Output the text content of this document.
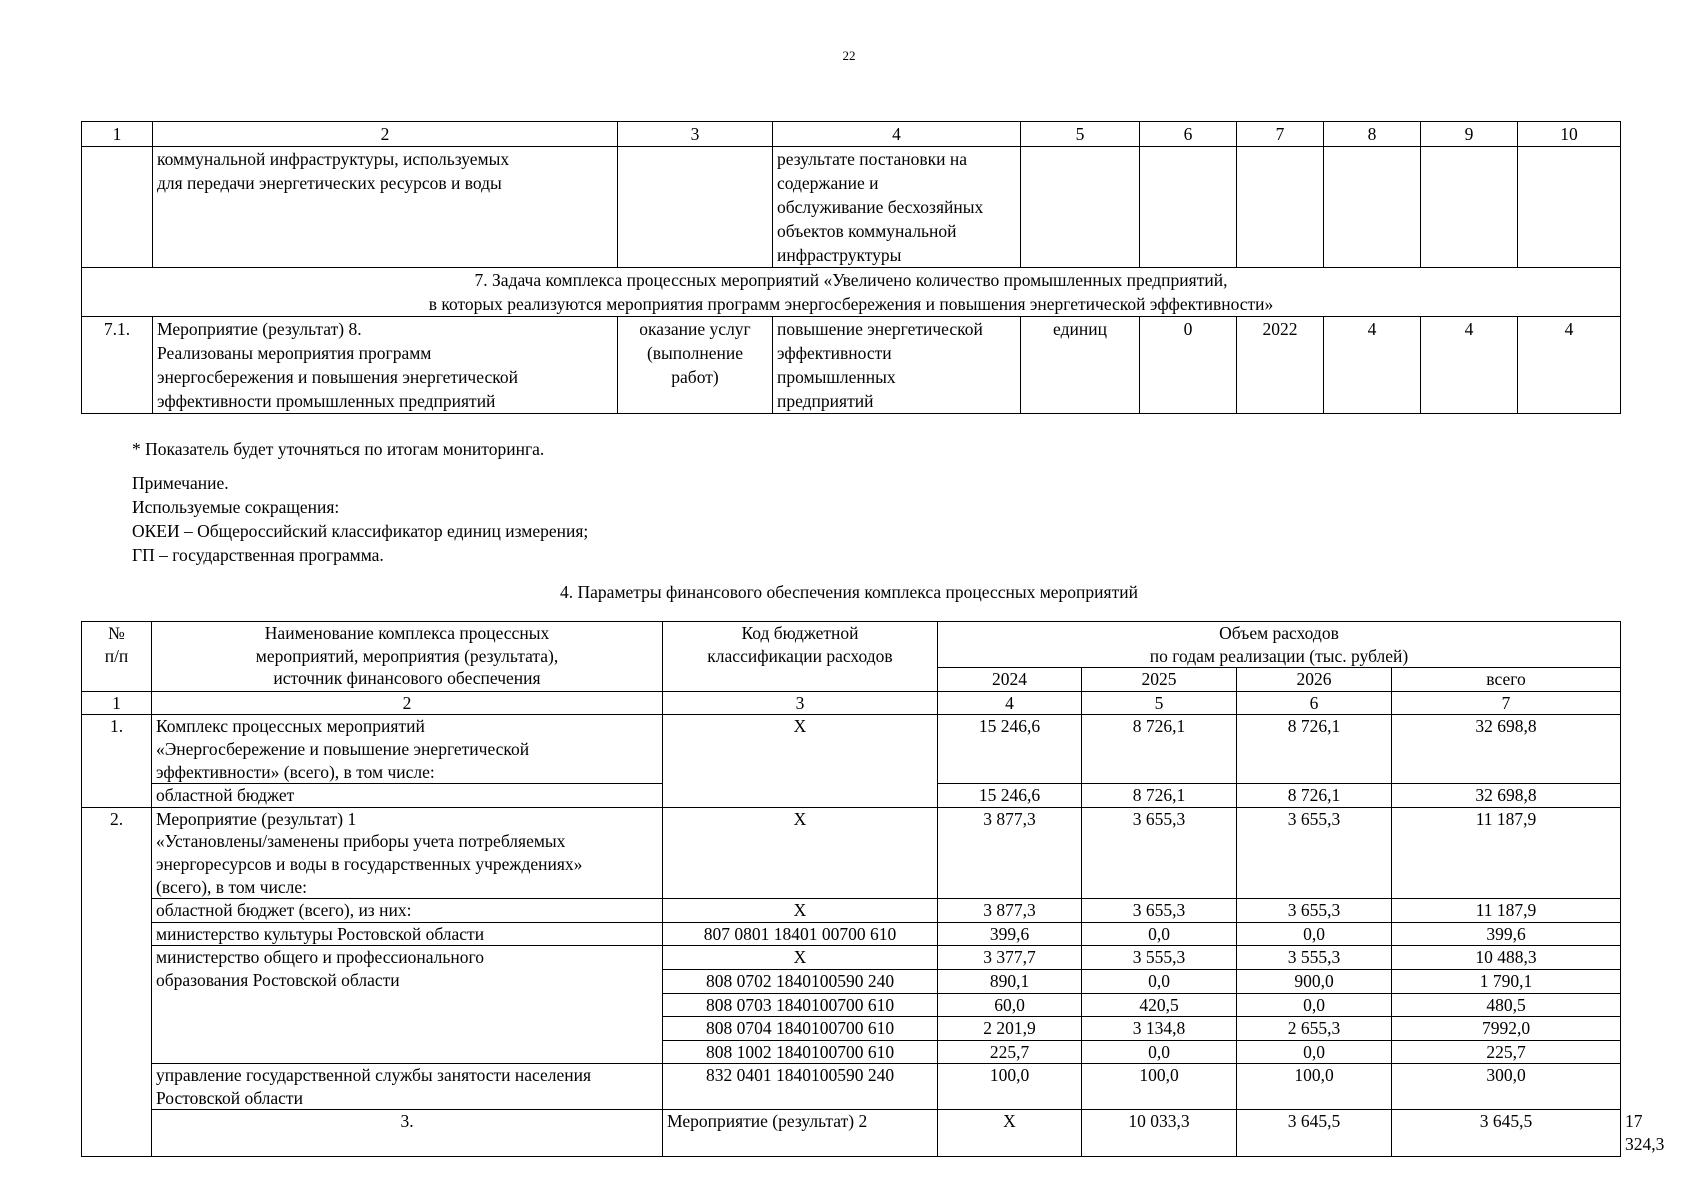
22
1	2	3	4	5	6	7	8	9	10
	коммунальной инфраструктуры, используемых
для передачи энергетических ресурсов и воды		результате постановки на
содержание и
обслуживание бесхозяйных
объектов коммунальной
инфраструктуры						
7. Задача комплекса процессных мероприятий «Увеличено количество промышленных предприятий,
в которых реализуются мероприятия программ энергосбережения и повышения энергетической эффективности»									
7.1.	Мероприятие (результат) 8.
Реализованы мероприятия программ
энергосбережения и повышения энергетической
эффективности промышленных предприятий	оказание услуг
(выполнение
работ)	повышение энергетической
эффективности
промышленных
предприятий	единиц	0	2022	4	4	4
* Показатель будет уточняться по итогам мониторинга.
Примечание.
Используемые сокращения:
ОКЕИ – Общероссийский классификатор единиц измерения;
ГП – государственная программа.
4. Параметры финансового обеспечения комплекса процессных мероприятий
№
п/п	Наименование комплекса процессных
мероприятий, мероприятия (результата),
источник финансового обеспечения	Код бюджетной
классификации расходов	Объем расходов
по годам реализации (тыс. рублей)				
			2024	2025	2026	всего	
1	2	3	4	5	6	7	
1.	Комплекс процессных мероприятий
«Энергосбережение и повышение энергетической
эффективности» (всего), в том числе:	Х	15 246,6	8 726,1	8 726,1	32 698,8	
	областной бюджет		15 246,6	8 726,1	8 726,1	32 698,8	
2.	Мероприятие (результат) 1
«Установлены/заменены приборы учета потребляемых
энергоресурсов и воды в государственных учреждениях»
(всего), в том числе:	Х	3 877,3	3 655,3	3 655,3	11 187,9	
	областной бюджет (всего), из них:	Х	3 877,3	3 655,3	3 655,3	11 187,9	
	министерство культуры Ростовской области	807 0801 18401 00700 610	399,6	0,0	0,0	399,6	
	министерство общего и профессионального
образования Ростовской области	Х	3 377,7	3 555,3	3 555,3	10 488,3	
		808 0702 1840100590 240	890,1	0,0	900,0	1 790,1	
		808 0703 1840100700 610	60,0	420,5	0,0	480,5	
		808 0704 1840100700 610	2 201,9	3 134,8	2 655,3	7992,0	
		808 1002 1840100700 610	225,7	0,0	0,0	225,7	
	управление государственной службы занятости населения
Ростовской области	832 0401 1840100590 240	100,0	100,0	100,0	300,0	
	3.	Мероприятие (результат) 2	Х	10 033,3	3 645,5	3 645,5	17 324,3
